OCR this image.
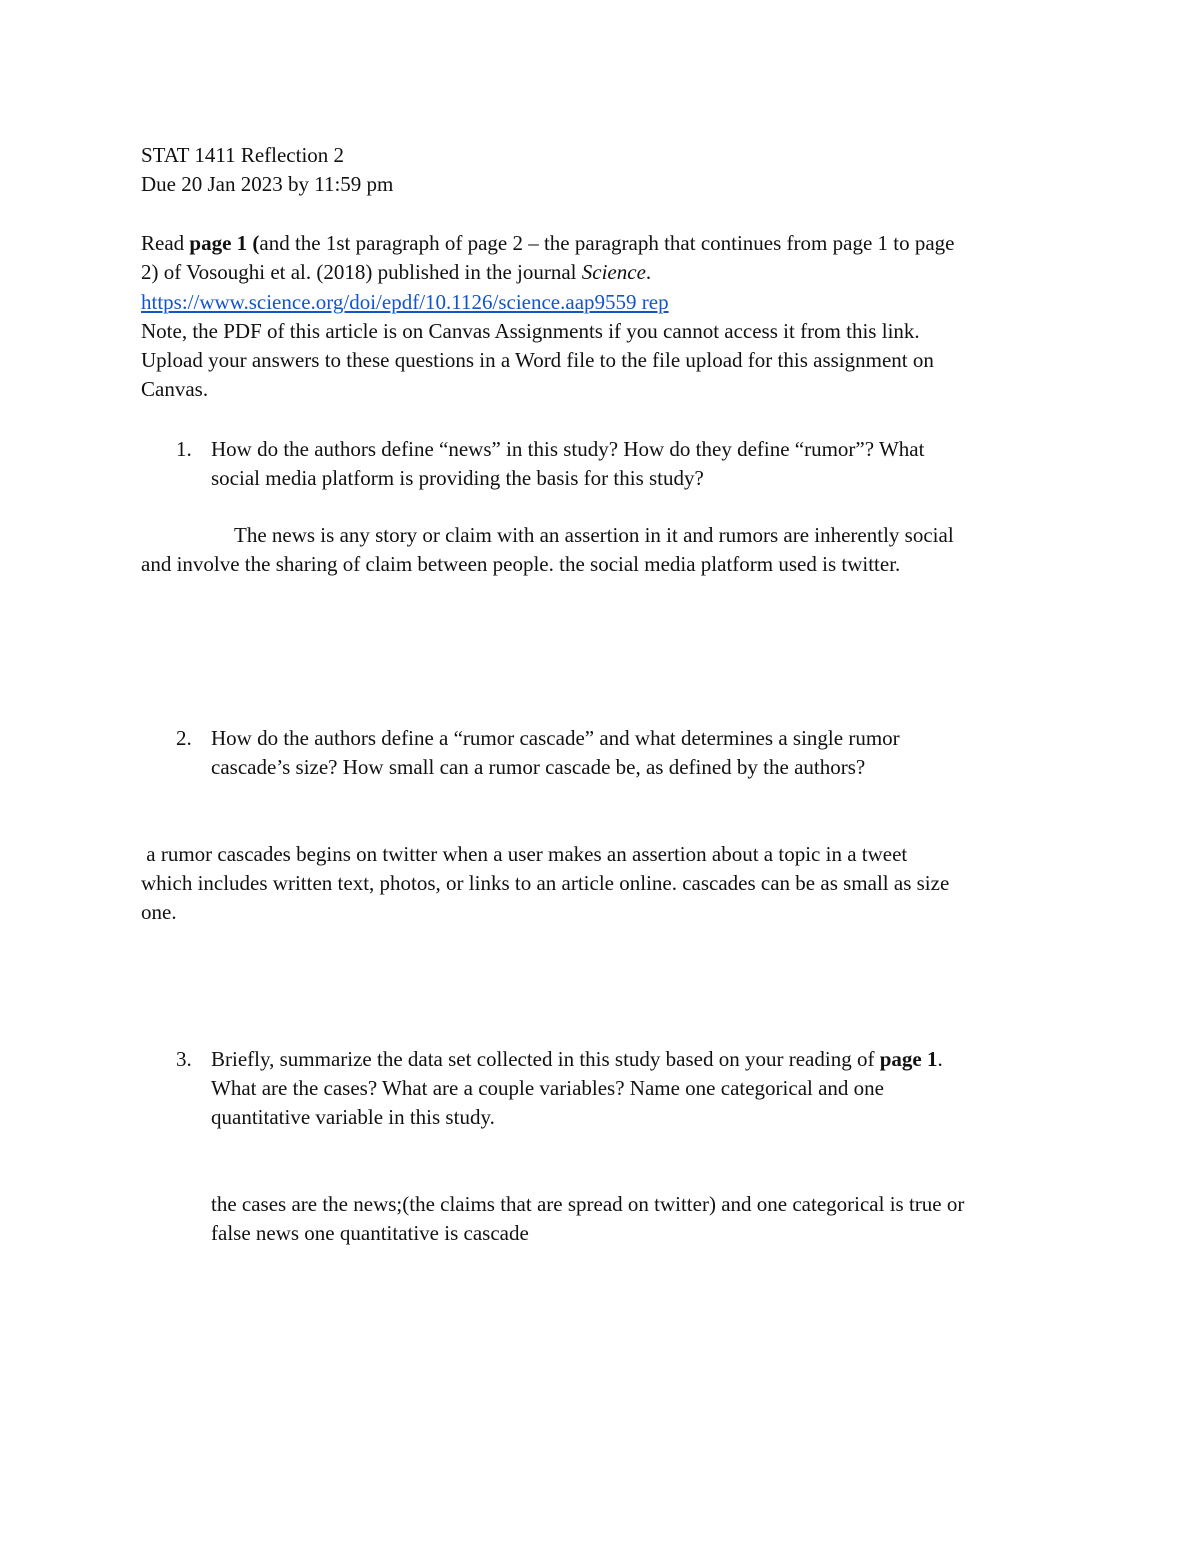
STAT 1411 Reflection 2
Due 20 Jan 2023 by 11:59 pm
Read page 1 (and the 1st paragraph of page 2 – the paragraph that continues from page 1 to page
2) of Vosoughi et al. (2018) published in the journal Science.
https://www.science.org/doi/epdf/10.1126/science.aap9559 rep
Note, the PDF of this article is on Canvas Assignments if you cannot access it from this link.
Upload your answers to these questions in a Word file to the file upload for this assignment on
Canvas.
1. How do the authors define “news” in this study? How do they define “rumor”? What
social media platform is providing the basis for this study?
The news is any story or claim with an assertion in it and rumors are inherently social
and involve the sharing of claim between people. the social media platform used is twitter.
2. How do the authors define a “rumor cascade” and what determines a single rumor
cascade’s size? How small can a rumor cascade be, as defined by the authors?
a rumor cascades begins on twitter when a user makes an assertion about a topic in a tweet
which includes written text, photos, or links to an article online. cascades can be as small as size
one.
3. Briefly, summarize the data set collected in this study based on your reading of page 1.
What are the cases? What are a couple variables? Name one categorical and one
quantitative variable in this study.
the cases are the news;(the claims that are spread on twitter) and one categorical is true or
false news one quantitative is cascade
